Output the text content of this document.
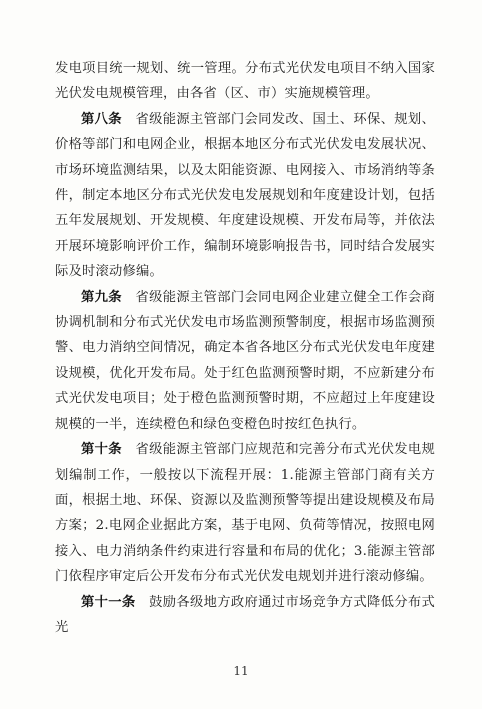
发电项目统一规划、统一管理。分布式光伏发电项目不纳入国家光伏发电规模管理，由各省（区、市）实施规模管理。

第八条 省级能源主管部门会同发改、国土、环保、规划、价格等部门和电网企业，根据本地区分布式光伏发电发展状况、市场环境监测结果，以及太阳能资源、电网接入、市场消纳等条件，制定本地区分布式光伏发电发展规划和年度建设计划，包括五年发展规划、开发规模、年度建设规模、开发布局等，并依法开展环境影响评价工作，编制环境影响报告书，同时结合发展实际及时滚动修编。

第九条 省级能源主管部门会同电网企业建立健全工作会商协调机制和分布式光伏发电市场监测预警制度，根据市场监测预警、电力消纳空间情况，确定本省各地区分布式光伏发电年度建设规模，优化开发布局。处于红色监测预警时期，不应新建分布式光伏发电项目；处于橙色监测预警时期，不应超过上年度建设规模的一半，连续橙色和绿色变橙色时按红色执行。

第十条 省级能源主管部门应规范和完善分布式光伏发电规划编制工作，一般按以下流程开展：1.能源主管部门商有关方面，根据土地、环保、资源以及监测预警等提出建设规模及布局方案；2.电网企业据此方案，基于电网、负荷等情况，按照电网接入、电力消纳条件约束进行容量和布局的优化；3.能源主管部门依程序审定后公开发布分布式光伏发电规划并进行滚动修编。

第十一条 鼓励各级地方政府通过市场竞争方式降低分布式光

11
